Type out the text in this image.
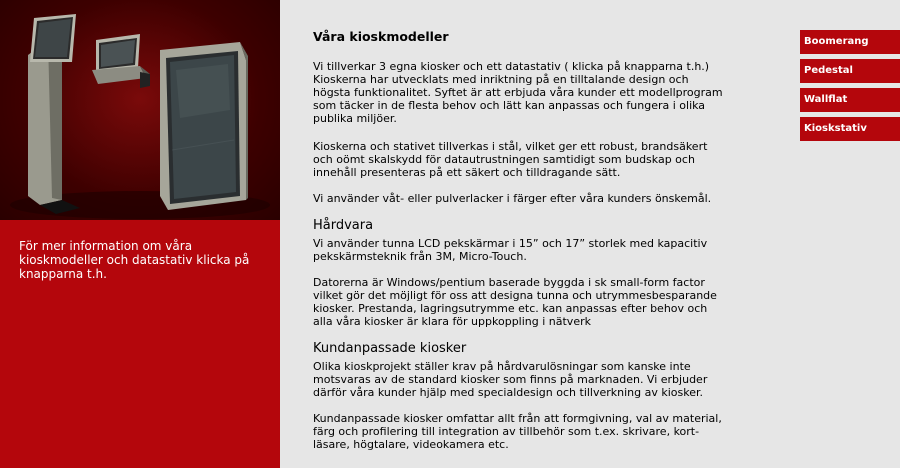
För mer information om våra kioskmodeller och datastativ klicka på knapparna t.h.
Våra kioskmodeller

Vi tillverkar 3 egna kiosker och ett datastativ ( klicka på knapparna t.h.)
Kioskerna har utvecklats med inriktning på en tilltalande design och
högsta funktionalitet. Syftet är att erbjuda våra kunder ett modellprogram
som täcker in de flesta behov och lätt kan anpassas och fungera i olika
publika miljöer.

Kioskerna och stativet tillverkas i stål, vilket ger ett robust, brandsäkert
och oömt skalskydd för datautrustningen samtidigt som budskap och
innehåll presenteras på ett säkert och tilldragande sätt.

Vi använder våt- eller pulverlacker i färger efter våra kunders önskemål.

Hårdvara

Vi använder tunna LCD pekskärmar i 15” och 17” storlek med kapacitiv
pekskärmsteknik från 3M, Micro-Touch.

Datorerna är Windows/pentium baserade byggda i sk small-form factor
vilket gör det möjligt för oss att designa tunna och utrymmesbesparande
kiosker. Prestanda, lagringsutrymme etc. kan anpassas efter behov och
alla våra kiosker är klara för uppkoppling i nätverk

Kundanpassade kiosker

Olika kioskprojekt ställer krav på hårdvarulösningar som kanske inte
motsvaras av de standard kiosker som finns på marknaden. Vi erbjuder
därför våra kunder hjälp med specialdesign och tillverkning av kiosker.

Kundanpassade kiosker omfattar allt från att formgivning, val av material,
färg och profilering till integration av tillbehör som t.ex. skrivare, kort-
läsare, högtalare, videokamera etc.

Boomerang
Pedestal
Wallflat
Kioskstativ
